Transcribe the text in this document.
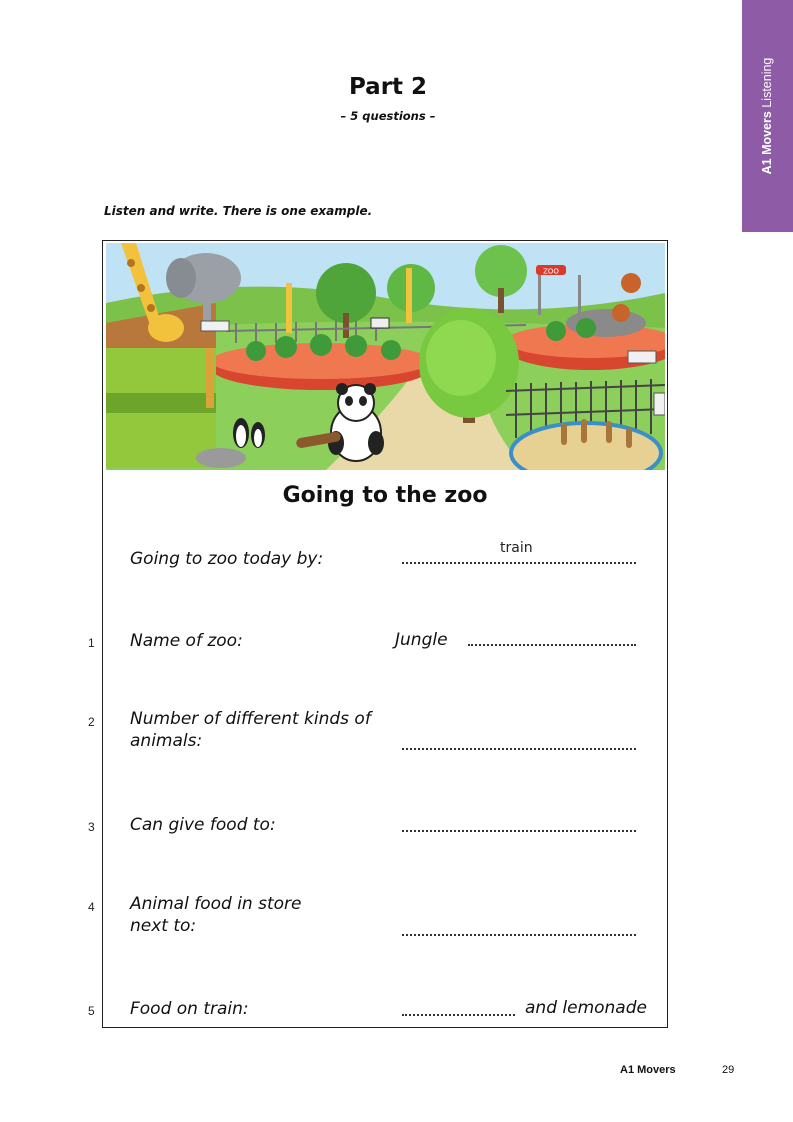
A1 Movers Listening
Part 2
– 5 questions –
Listen and write. There is one example.
ZOO
Going to the zoo
Going to zoo today by:
train
1 Name of zoo:	Jungle
2 Number of different kinds of animals:
3 Can give food to:
4 Animal food in store next to:
5 Food on train:	and lemonade
A1 Movers	29
